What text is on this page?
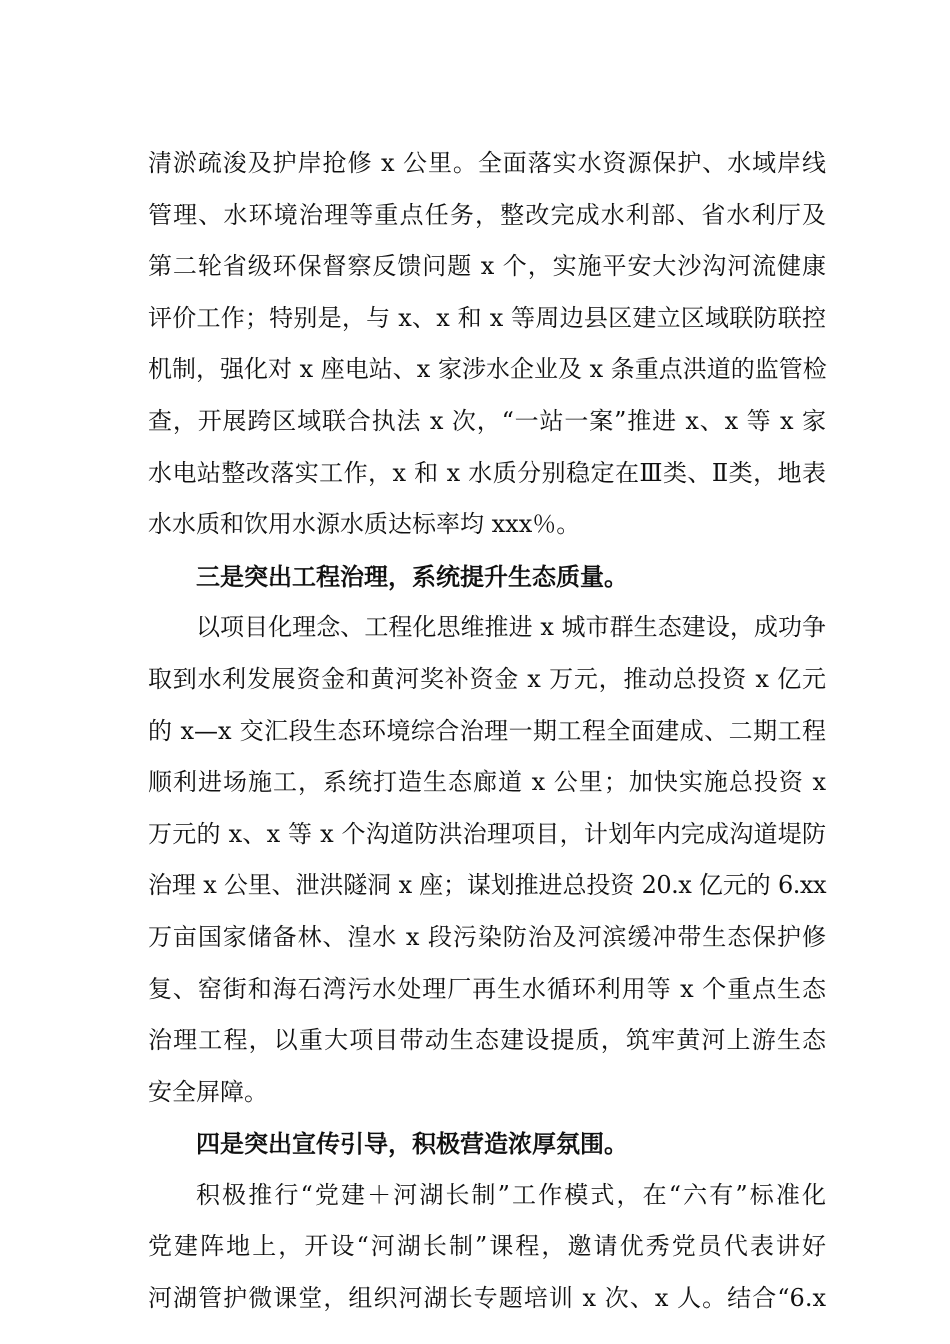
清淤疏浚及护岸抢修 x 公里。全面落实水资源保护、水域岸线
管理、水环境治理等重点任务，整改完成水利部、省水利厅及
第二轮省级环保督察反馈问题 x 个，实施平安大沙沟河流健康
评价工作；特别是，与 x、x 和 x 等周边县区建立区域联防联控
机制，强化对 x 座电站、x 家涉水企业及 x 条重点洪道的监管检
查，开展跨区域联合执法 x 次，“一站一案”推进 x、x 等 x 家
水电站整改落实工作，x 和 x 水质分别稳定在Ⅲ类、Ⅱ类，地表
水水质和饮用水源水质达标率均 xxx％。
三是突出工程治理，系统提升生态质量。
以项目化理念、工程化思维推进 x 城市群生态建设，成功争
取到水利发展资金和黄河奖补资金 x 万元，推动总投资 x 亿元
的 x—x 交汇段生态环境综合治理一期工程全面建成、二期工程
顺利进场施工，系统打造生态廊道 x 公里；加快实施总投资 x
万元的 x、x 等 x 个沟道防洪治理项目，计划年内完成沟道堤防
治理 x 公里、泄洪隧洞 x 座；谋划推进总投资 20.x 亿元的 6.xx
万亩国家储备林、湟水 x 段污染防治及河滨缓冲带生态保护修
复、窑街和海石湾污水处理厂再生水循环利用等 x 个重点生态
治理工程，以重大项目带动生态建设提质，筑牢黄河上游生态
安全屏障。
四是突出宣传引导，积极营造浓厚氛围。
积极推行“党建＋河湖长制”工作模式，在“六有”标准化
党建阵地上，开设“河湖长制”课程，邀请优秀党员代表讲好
河湖管护微课堂，组织河湖长专题培训 x 次、x 人。结合“6.x
